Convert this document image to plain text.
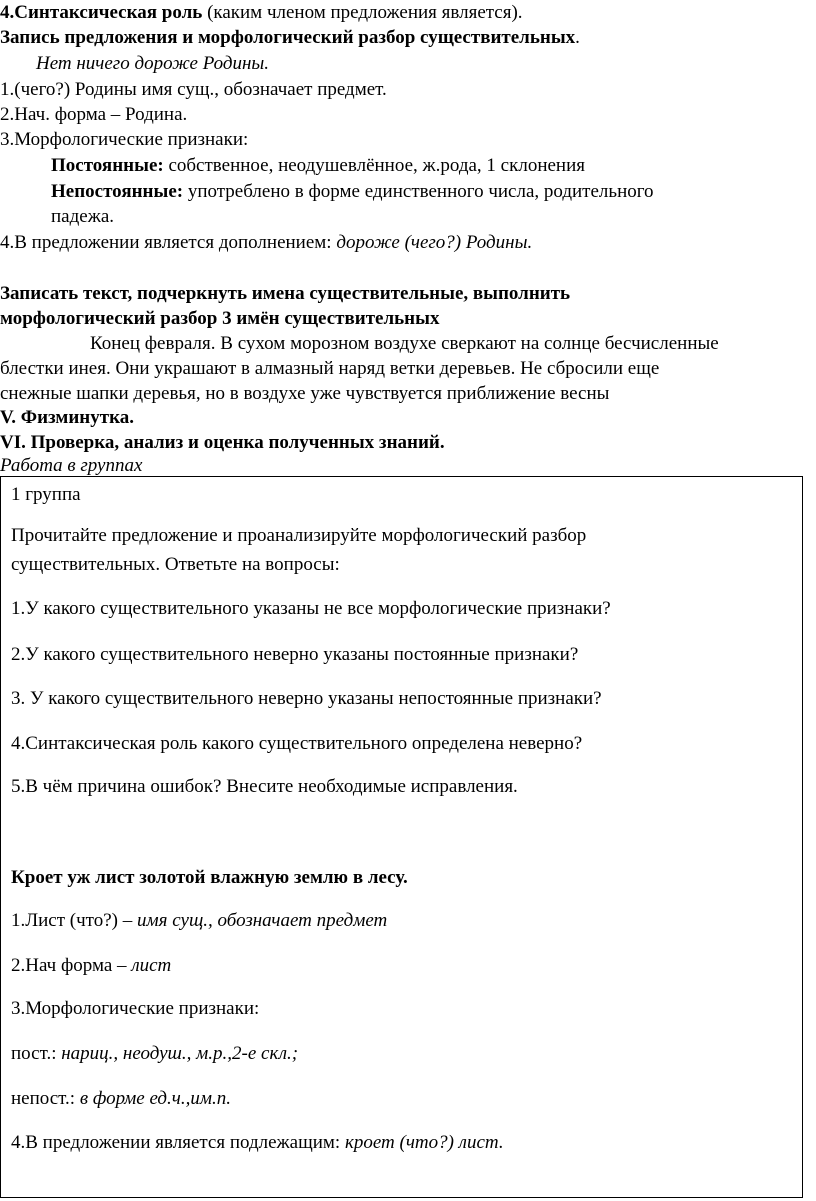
4.Синтаксическая роль (каким членом предложения является).
Запись предложения и морфологический разбор существительных.
Нет ничего дороже Родины.
1.(чего?) Родины имя сущ., обозначает предмет.
2.Нач. форма – Родина.
3.Морфологические признаки:
Постоянные: собственное, неодушевлённое, ж.рода, 1 склонения
Непостоянные: употреблено в форме единственного числа, родительного
падежа.
4.В предложении является дополнением: дороже (чего?) Родины.
Записать текст, подчеркнуть имена существительные, выполнить
морфологический разбор 3 имён существительных
Конец февраля. В сухом морозном воздухе сверкают на солнце бесчисленные
блестки инея. Они украшают в алмазный наряд ветки деревьев. Не сбросили еще
снежные шапки деревья, но в воздухе уже чувствуется приближение весны
V. Физминутка.
VI. Проверка, анализ и оценка полученных знаний.
Работа в группах
1 группа
Прочитайте предложение и проанализируйте морфологический разбор
существительных. Ответьте на вопросы:
1.У какого существительного указаны не все морфологические признаки?
2.У какого существительного неверно указаны постоянные признаки?
3. У какого существительного неверно указаны непостоянные признаки?
4.Синтаксическая роль какого существительного определена неверно?
5.В чём причина ошибок? Внесите необходимые исправления.
Кроет уж лист золотой влажную землю в лесу.
1.Лист (что?) – имя сущ., обозначает предмет
2.Нач форма – лист
3.Морфологические признаки:
пост.: нариц., неодуш., м.р.,2-е скл.;
непост.: в форме ед.ч.,им.п.
4.В предложении является подлежащим: кроет (что?) лист.
